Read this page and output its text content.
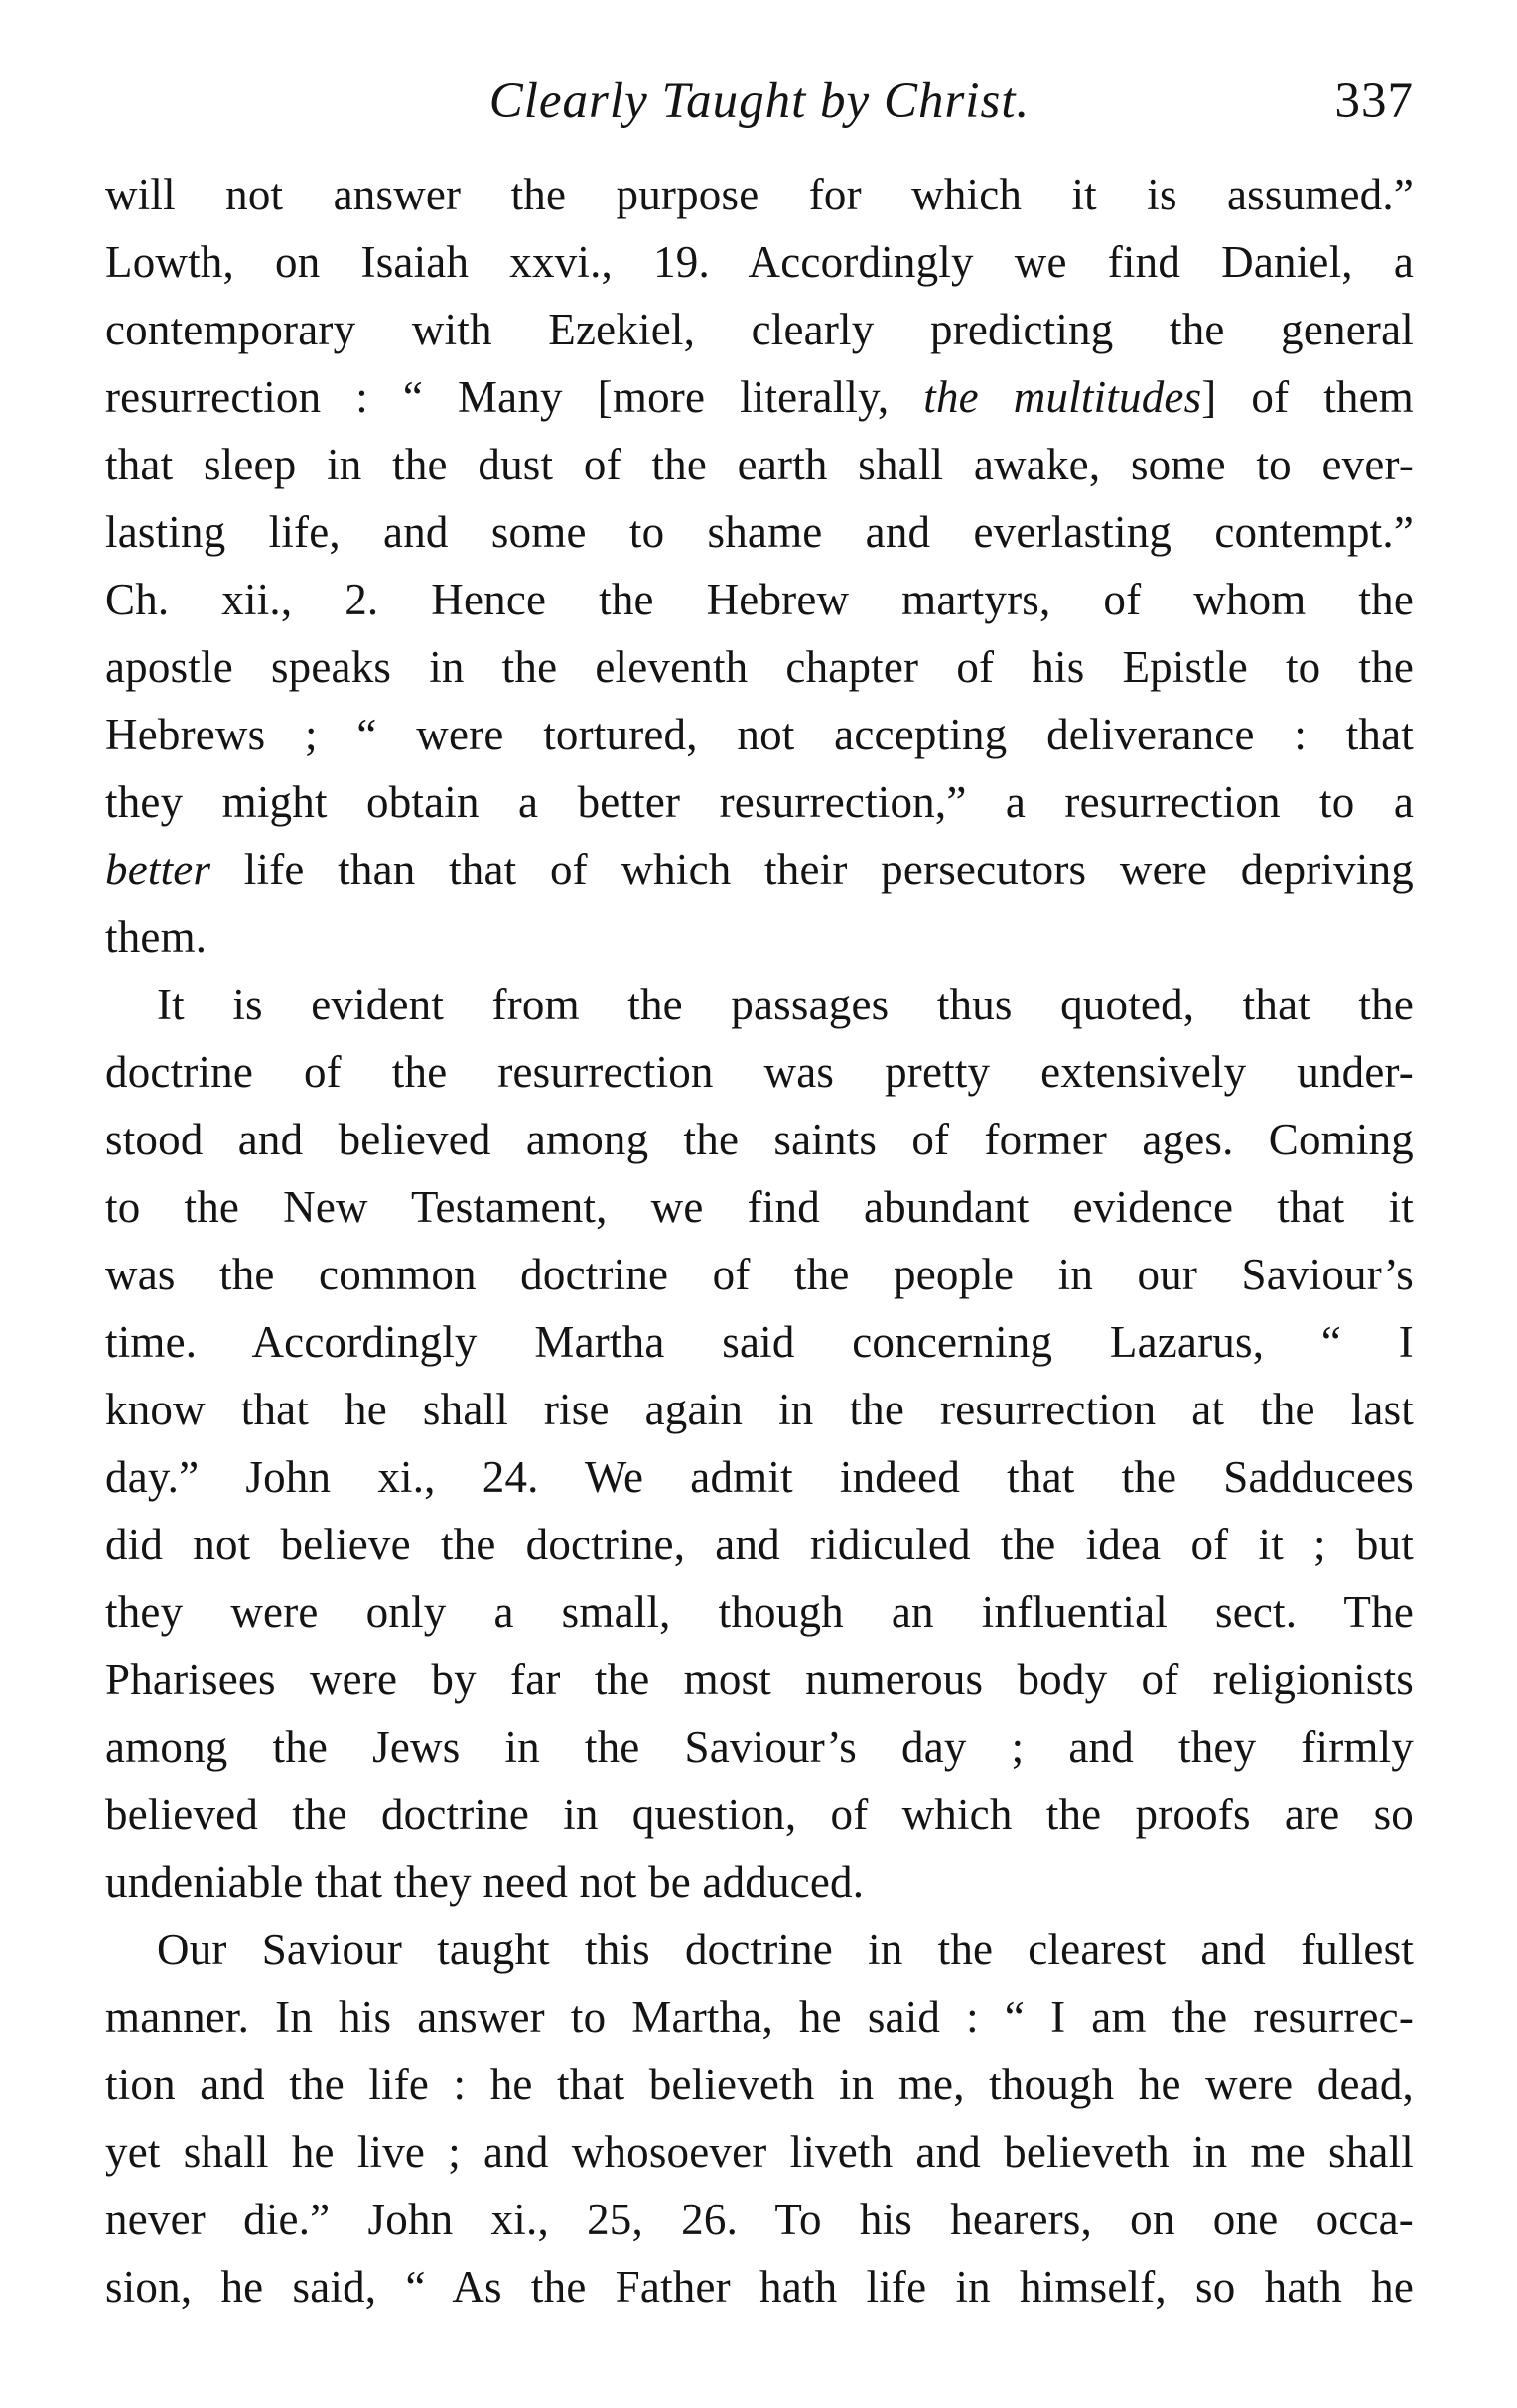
Clearly Taught by Christ.	337
will not answer the purpose for which it is assumed.”
Lowth, on Isaiah xxvi., 19. Accordingly we find Daniel, a
contemporary with Ezekiel, clearly predicting the general
resurrection : “ Many [more literally, the multitudes] of them
that sleep in the dust of the earth shall awake, some to ever-
lasting life, and some to shame and everlasting contempt.”
Ch. xii., 2. Hence the Hebrew martyrs, of whom the
apostle speaks in the eleventh chapter of his Epistle to the
Hebrews ; “ were tortured, not accepting deliverance : that
they might obtain a better resurrection,” a resurrection to a
better life than that of which their persecutors were depriving
them.
It is evident from the passages thus quoted, that the
doctrine of the resurrection was pretty extensively under-
stood and believed among the saints of former ages. Coming
to the New Testament, we find abundant evidence that it
was the common doctrine of the people in our Saviour’s
time. Accordingly Martha said concerning Lazarus, “ I
know that he shall rise again in the resurrection at the last
day.” John xi., 24. We admit indeed that the Sadducees
did not believe the doctrine, and ridiculed the idea of it ; but
they were only a small, though an influential sect. The
Pharisees were by far the most numerous body of religionists
among the Jews in the Saviour’s day ; and they firmly
believed the doctrine in question, of which the proofs are so
undeniable that they need not be adduced.
Our Saviour taught this doctrine in the clearest and fullest
manner. In his answer to Martha, he said : “ I am the resurrec-
tion and the life : he that believeth in me, though he were dead,
yet shall he live ; and whosoever liveth and believeth in me shall
never die.” John xi., 25, 26. To his hearers, on one occa-
sion, he said, “ As the Father hath life in himself, so hath he
